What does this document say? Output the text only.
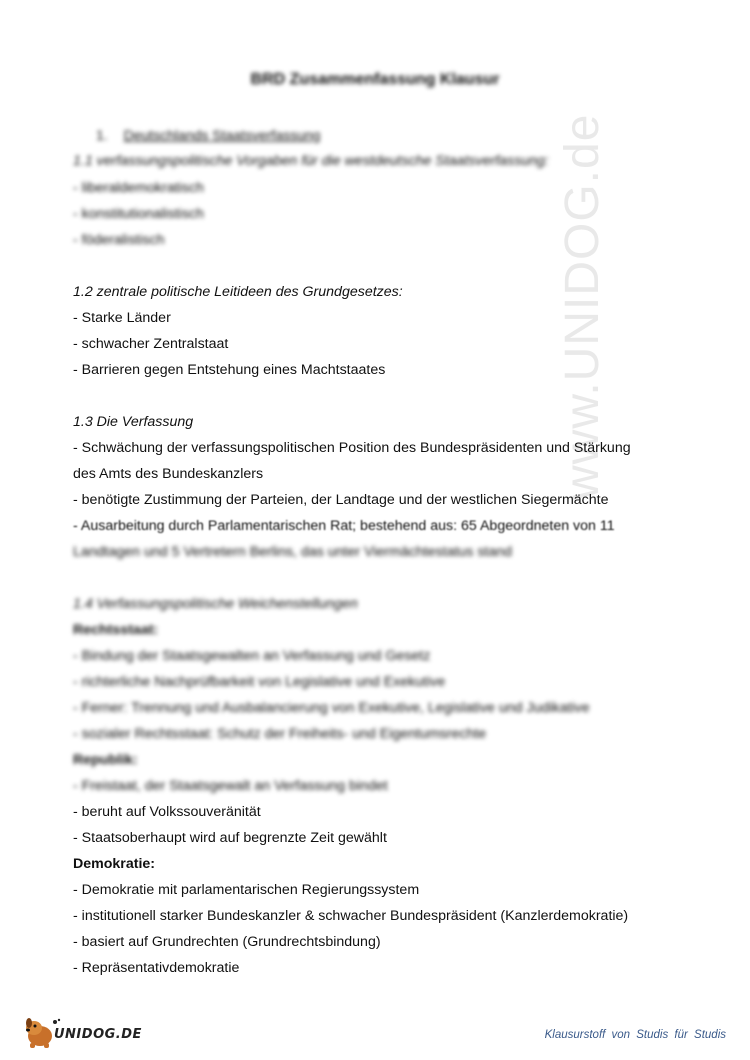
www.UNIDOG.de
BRD Zusammenfassung Klausur
1. Deutschlands Staatsverfassung
1.1 verfassungspolitische Vorgaben für die westdeutsche Staatsverfassung:
- liberaldemokratisch
- konstitutionalistisch
- föderalistisch
1.2 zentrale politische Leitideen des Grundgesetzes:
- Starke Länder
- schwacher Zentralstaat
- Barrieren gegen Entstehung eines Machtstaates
1.3 Die Verfassung
- Schwächung der verfassungspolitischen Position des Bundespräsidenten und Stärkung
des Amts des Bundeskanzlers
- benötigte Zustimmung der Parteien, der Landtage und der westlichen Siegermächte
- Ausarbeitung durch Parlamentarischen Rat; bestehend aus: 65 Abgeordneten von 11
Landtagen und 5 Vertretern Berlins, das unter Viermächtestatus stand
1.4 Verfassungspolitische Weichenstellungen
Rechtsstaat:
- Bindung der Staatsgewalten an Verfassung und Gesetz
- richterliche Nachprüfbarkeit von Legislative und Exekutive
- Ferner: Trennung und Ausbalancierung von Exekutive, Legislative und Judikative
- sozialer Rechtsstaat: Schutz der Freiheits- und Eigentumsrechte
Republik:
- Freistaat, der Staatsgewalt an Verfassung bindet
- beruht auf Volkssouveränität
- Staatsoberhaupt wird auf begrenzte Zeit gewählt
Demokratie:
- Demokratie mit parlamentarischen Regierungssystem
- institutionell starker Bundeskanzler & schwacher Bundespräsident (Kanzlerdemokratie)
- basiert auf Grundrechten (Grundrechtsbindung)
- Repräsentativdemokratie
UNIDOG.DE	Klausurstoff von Studis für Studis
